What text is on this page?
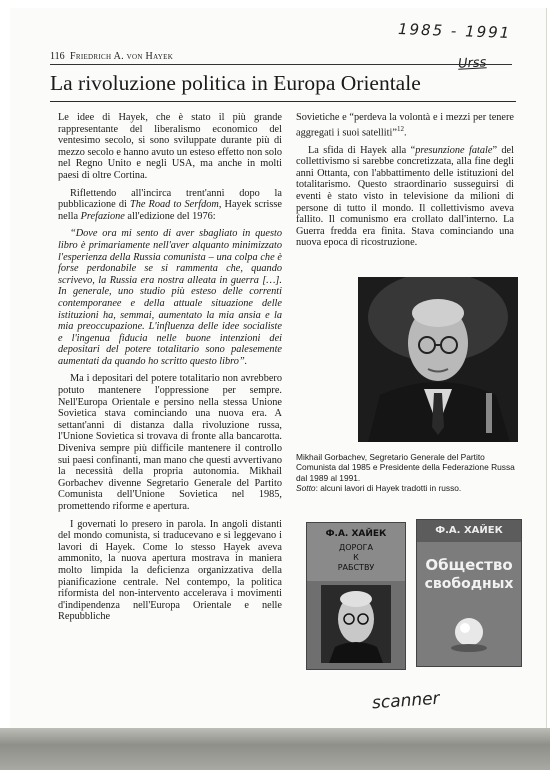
1985 - 1991
Urss
116 Friedrich A. von Hayek
La rivoluzione politica in Europa Orientale

Le idee di Hayek, che è stato il più grande rappresentante del liberalismo economico del ventesimo secolo, si sono sviluppate durante più di mezzo secolo e hanno avuto un esteso effetto non solo nel Regno Unito e negli USA, ma anche in molti paesi di oltre Cortina.

Riflettendo all'incirca trent'anni dopo la pubblicazione di The Road to Serfdom, Hayek scrisse nella Prefazione all'edizione del 1976:

“Dove ora mi sento di aver sbagliato in questo libro è primariamente nell'aver alquanto minimizzato l'esperienza della Russia comunista – una colpa che è forse perdonabile se si rammenta che, quando scrivevo, la Russia era nostra alleata in guerra […]. In generale, uno studio più esteso delle correnti contemporanee e della attuale situazione delle istituzioni ha, semmai, aumentato la mia ansia e la mia preoccupazione. L'influenza delle idee socialiste e l'ingenua fiducia nelle buone intenzioni dei depositari del potere totalitario sono palesemente aumentati da quando ho scritto questo libro”.

Ma i depositari del potere totalitario non avrebbero potuto mantenere l'oppressione per sempre. Nell'Europa Orientale e persino nella stessa Unione Sovietica stava cominciando una nuova era. A settant'anni di distanza dalla rivoluzione russa, l'Unione Sovietica si trovava di fronte alla bancarotta. Diveniva sempre più difficile mantenere il controllo sui paesi confinanti, man mano che questi avvertivano la necessità della propria autonomia. Mikhail Gorbachev divenne Segretario Generale del Partito Comunista dell'Unione Sovietica nel 1985, promettendo riforme e apertura.

I governati lo presero in parola. In angoli distanti del mondo comunista, si traducevano e si leggevano i lavori di Hayek. Come lo stesso Hayek aveva ammonito, la nuova apertura mostrava in maniera molto limpida la deficienza organizzativa della pianificazione centrale. Nel contempo, la politica riformista del non-intervento accelerava i movimenti d'indipendenza nell'Europa Orientale e nelle Repubbliche

Sovietiche e “perdeva la volontà e i mezzi per tenere aggregati i suoi satelliti”$^{12}$.

La sfida di Hayek alla “presunzione fatale” del collettivismo si sarebbe concretizzata, alla fine degli anni Ottanta, con l'abbattimento delle istituzioni del totalitarismo. Questo straordinario susseguirsi di eventi è stato visto in televisione da milioni di persone di tutto il mondo. Il collettivismo aveva fallito. Il comunismo era crollato dall'interno. La Guerra fredda era finita. Stava cominciando una nuova epoca di ricostruzione.

Mikhail Gorbachev, Segretario Generale del Partito Comunista dal 1985 e Presidente della Federazione Russa dal 1989 al 1991.

Sotto: alcuni lavori di Hayek tradotti in russo.

Ф.А. ХАЙЕК
ДОРОГА
К
РАБСТВУ
Ф.А. ХАЙЕК
Общество
свободных
scanner
